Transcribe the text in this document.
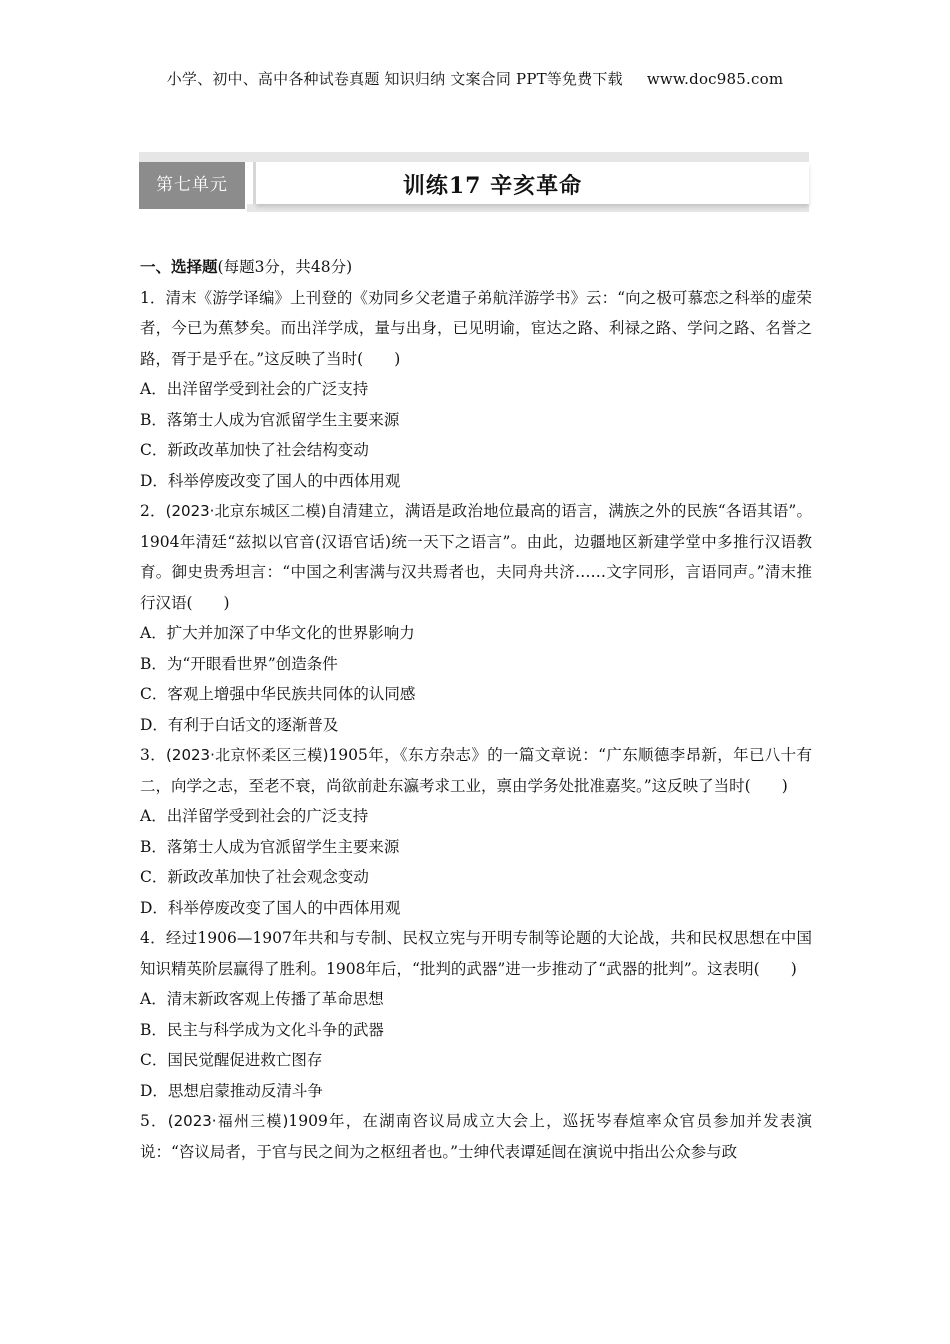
小学、初中、高中各种试卷真题 知识归纳 文案合同 PPT等免费下载 www.doc985.com
第七单元	训练17 辛亥革命
一、选择题(每题3分，共48分)
1．清末《游学译编》上刊登的《劝同乡父老遣子弟航洋游学书》云：“向之极可慕恋之科举的虚荣者，今已为蕉梦矣。而出洋学成，量与出身，已见明谕，宦达之路、利禄之路、学问之路、名誉之路，胥于是乎在。”这反映了当时(　　)
A．出洋留学受到社会的广泛支持
B．落第士人成为官派留学生主要来源
C．新政改革加快了社会结构变动
D．科举停废改变了国人的中西体用观
2．(2023·北京东城区二模)自清建立，满语是政治地位最高的语言，满族之外的民族“各语其语”。1904年清廷“兹拟以官音(汉语官话)统一天下之语言”。由此，边疆地区新建学堂中多推行汉语教育。御史贵秀坦言：“中国之利害满与汉共焉者也，夫同舟共济……文字同形，言语同声。”清末推行汉语(　　)
A．扩大并加深了中华文化的世界影响力
B．为“开眼看世界”创造条件
C．客观上增强中华民族共同体的认同感
D．有利于白话文的逐渐普及
3．(2023·北京怀柔区三模)1905年，《东方杂志》的一篇文章说：“广东顺德李昂新，年已八十有二，向学之志，至老不衰，尚欲前赴东瀛考求工业，禀由学务处批准嘉奖。”这反映了当时(　　)
A．出洋留学受到社会的广泛支持
B．落第士人成为官派留学生主要来源
C．新政改革加快了社会观念变动
D．科举停废改变了国人的中西体用观
4．经过1906—1907年共和与专制、民权立宪与开明专制等论题的大论战，共和民权思想在中国知识精英阶层赢得了胜利。1908年后，“批判的武器”进一步推动了“武器的批判”。这表明(　　)
A．清末新政客观上传播了革命思想
B．民主与科学成为文化斗争的武器
C．国民觉醒促进救亡图存
D．思想启蒙推动反清斗争
5．(2023·福州三模)1909年，在湖南咨议局成立大会上，巡抚岑春煊率众官员参加并发表演说：“咨议局者，于官与民之间为之枢纽者也。”士绅代表谭延闿在演说中指出公众参与政
